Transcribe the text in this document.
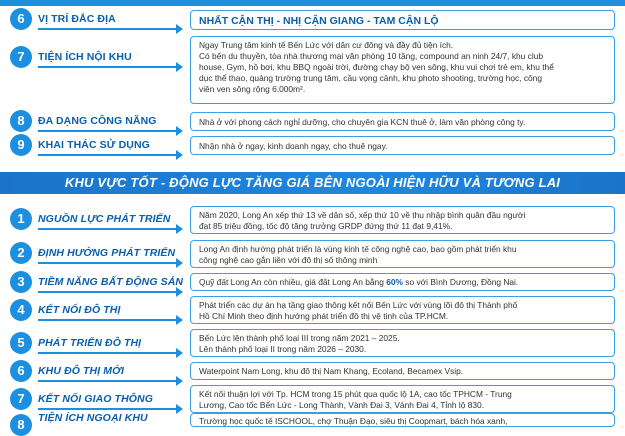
6	VỊ TRÍ ĐẮC ĐỊA	NHẤT CẬN THỊ - NHỊ CẬN GIANG - TAM CẬN LỘ
7	TIỆN ÍCH NỘI KHU
Ngay Trung tâm kinh tế Bến Lức với dân cư đông và đầy đủ tiện ích.
Có bến du thuyền, tòa nhà thương mại văn phòng 10 tầng, compound an ninh 24/7, khu club
house, Gym, hồ bơi, khu BBQ ngoài trời, đường chạy bộ ven sông, khu vui chơi trẻ em, khu thể
dục thể thao, quảng trường trung tâm, cầu vọng cảnh, khu photo shooting, trường học, công
viên ven sông rộng 6.000m².
8	ĐA DẠNG CÔNG NĂNG	Nhà ở với phong cách nghỉ dưỡng, cho chuyên gia KCN thuê ở, làm văn phòng công ty.
9	KHAI THÁC SỬ DỤNG	Nhận nhà ở ngay, kinh doanh ngay, cho thuê ngay.
KHU VỰC TỐT - ĐỘNG LỰC TĂNG GIÁ BÊN NGOÀI HIỆN HỮU VÀ TƯƠNG LAI
1	NGUỒN LỰC PHÁT TRIỂN	Năm 2020, Long An xếp thứ 13 về dân số, xếp thứ 10 về thu nhập bình quân đầu người
đạt 85 triệu đồng, tốc độ tăng trưởng GRDP đứng thứ 11 đạt 9,41%.
2	ĐỊNH HƯỚNG PHÁT TRIỂN	Long An định hướng phát triển là vùng kinh tế công nghệ cao, bao gồm phát triển khu
công nghệ cao gắn liền với đô thị số thông minh
3	TIỀM NĂNG BẤT ĐỘNG SẢN	Quỹ đất Long An còn nhiều, giá đất Long An bằng 60% so với Bình Dương, Đồng Nai.
4	KẾT NỐI ĐÔ THỊ	Phát triển các dự án hạ tầng giao thông kết nối Bến Lức với vùng lõi đô thị Thành phố
Hồ Chí Minh theo định hướng phát triển đô thị vệ tinh của TP.HCM.
5	PHÁT TRIỂN ĐÔ THỊ	Bến Lức lên thành phố loại III trong năm 2021 – 2025.
Lên thành phố loại II trong năm 2026 – 2030.
6	KHU ĐÔ THỊ MỚI	Waterpoint Nam Long, khu đô thị Nam Khang, Ecoland, Becamex Vsip.
7	KẾT NỐI GIAO THÔNG	Kết nối thuận lợi với Tp. HCM trong 15 phút qua quốc lộ 1A, cao tốc TPHCM - Trung
Lương, Cao tốc Bến Lức - Long Thành, Vành Đai 3, Vành Đai 4, Tỉnh lộ 830.
8	TIỆN ÍCH NGOẠI KHU	Trường học quốc tế ISCHOOL, chợ Thuận Đạo, siêu thị Coopmart, bách hóa xanh,
